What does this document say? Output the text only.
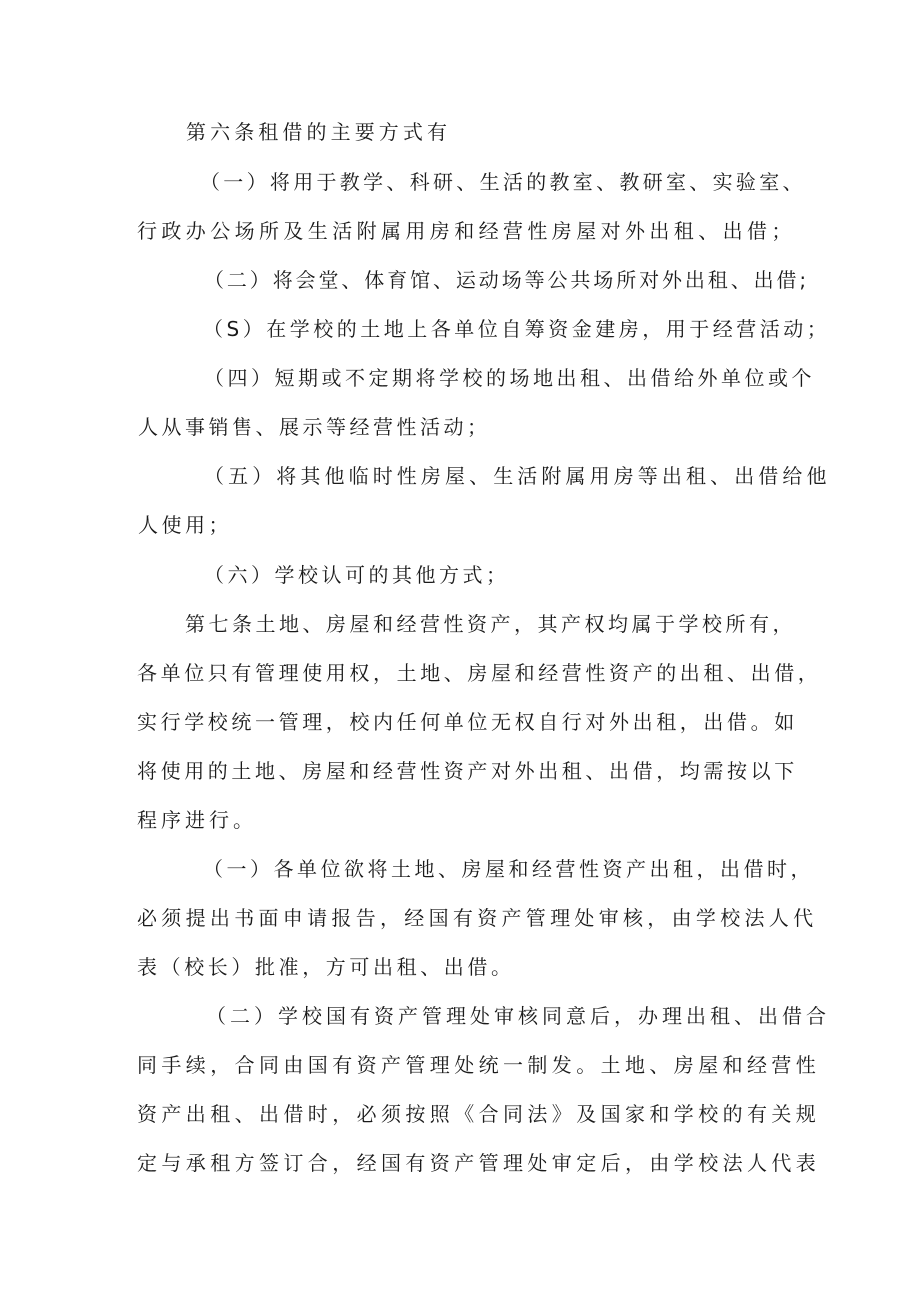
第六条租借的主要方式有
（一）将用于教学、科研、生活的教室、教研室、实验室、
行政办公场所及生活附属用房和经营性房屋对外出租、出借；
（二）将会堂、体育馆、运动场等公共场所对外出租、出借;
（S）在学校的土地上各单位自筹资金建房，用于经营活动；
（四）短期或不定期将学校的场地出租、出借给外单位或个
人从事销售、展示等经营性活动；
（五）将其他临时性房屋、生活附属用房等出租、出借给他
人使用；
（六）学校认可的其他方式；
第七条土地、房屋和经营性资产，其产权均属于学校所有，
各单位只有管理使用权，土地、房屋和经营性资产的出租、出借，
实行学校统一管理，校内任何单位无权自行对外出租，出借。如
将使用的土地、房屋和经营性资产对外出租、出借，均需按以下
程序进行。
（一）各单位欲将土地、房屋和经营性资产出租，出借时，
必须提出书面申请报告，经国有资产管理处审核，由学校法人代
表（校长）批准，方可出租、出借。
（二）学校国有资产管理处审核同意后，办理出租、出借合
同手续，合同由国有资产管理处统一制发。土地、房屋和经营性
资产出租、出借时，必须按照《合同法》及国家和学校的有关规
定与承租方签订合，经国有资产管理处审定后，由学校法人代表
